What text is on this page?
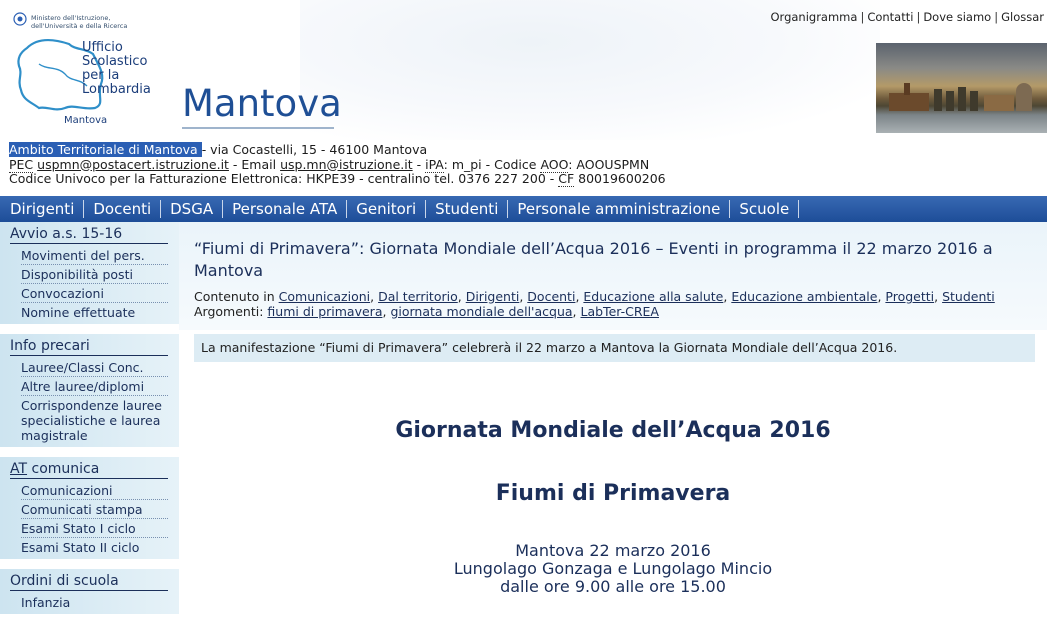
Ministero dell'Istruzione,
dell'Università e della Ricerca
Ufficio
Scolastico
per la
Lombardia
Mantova Mantova
Organigramma | Contatti | Dove siamo | Glossar
Ambito Territoriale di Mantova - via Cocastelli, 15 - 46100 Mantova
PEC uspmn@postacert.istruzione.it - Email usp.mn@istruzione.it - iPA: m_pi - Codice AOO: AOOUSPMN
Codice Univoco per la Fatturazione Elettronica: HKPE39 - centralino tel. 0376 227 200 - CF 80019600206
Dirigenti	Docenti	DSGA	Personale ATA	Genitori	Studenti	Personale amministrazione	Scuole
Avvio a.s. 15-16
Movimenti del pers.
Disponibilità posti
Convocazioni
Nomine effettuate
Info precari
Lauree/Classi Conc.
Altre lauree/diplomi
Corrispondenze lauree specialistiche e laurea magistrale
AT comunica
Comunicazioni
Comunicati stampa
Esami Stato I ciclo
Esami Stato II ciclo
Ordini di scuola
Infanzia
“Fiumi di Primavera”: Giornata Mondiale dell’Acqua 2016 – Eventi in programma il 22 marzo 2016 a Mantova
Contenuto in Comunicazioni, Dal territorio, Dirigenti, Docenti, Educazione alla salute, Educazione ambientale, Progetti, Studenti
Argomenti: fiumi di primavera, giornata mondiale dell'acqua, LabTer-CREA
La manifestazione “Fiumi di Primavera” celebrerà il 22 marzo a Mantova la Giornata Mondiale dell’Acqua 2016.
Giornata Mondiale dell’Acqua 2016
Fiumi di Primavera
Mantova 22 marzo 2016
Lungolago Gonzaga e Lungolago Mincio
dalle ore 9.00 alle ore 15.00
